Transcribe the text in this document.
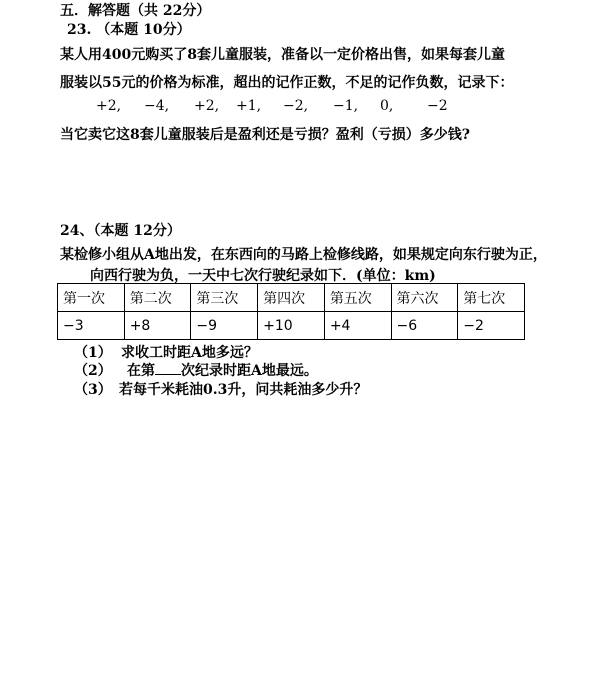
五．解答题（共 22分）
23. （本题 10分）
某人用400元购买了8套儿童服装，准备以一定价格出售，如果每套儿童
服装以55元的价格为标准，超出的记作正数，不足的记作负数，记录下：
+2, −4, +2, +1, −2, −1, 0, −2
当它卖它这8套儿童服装后是盈利还是亏损？盈利（亏损）多少钱?
24、（本题 12分）
某检修小组从A地出发，在东西向的马路上检修线路，如果规定向东行驶为正，
向西行驶为负，一天中七次行驶纪录如下．(单位：km)
第一次	第二次	第三次	第四次	第五次	第六次	第七次
−3	+8	−9	+10	+4	−6	−2
（1） 求收工时距A地多远？
（2） 在第 次纪录时距A地最远。
（3） 若每千米耗油0.3升，问共耗油多少升？
